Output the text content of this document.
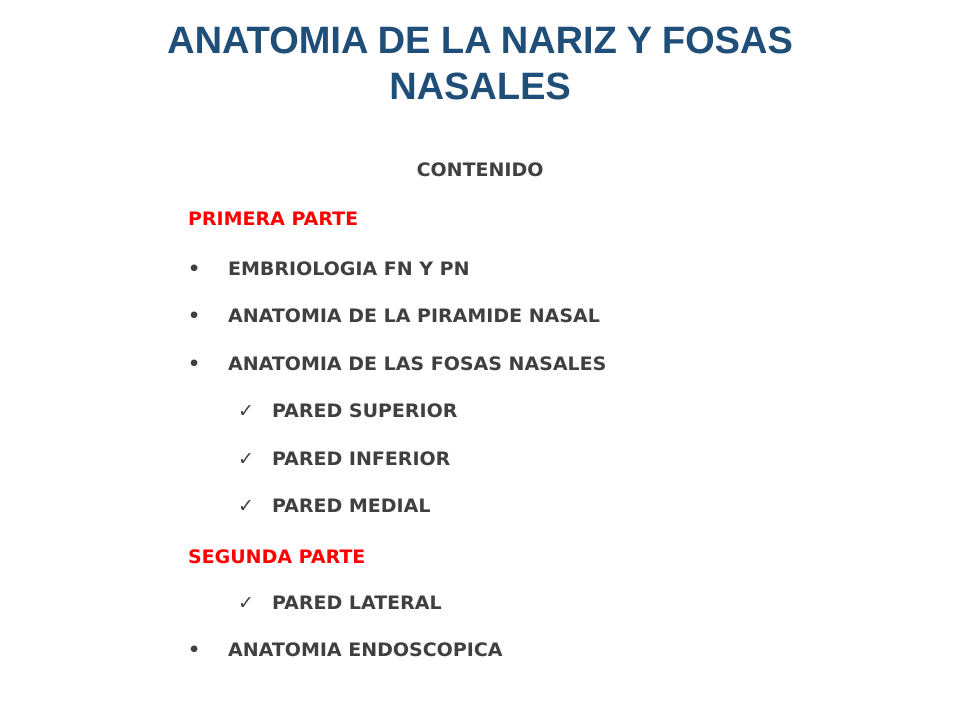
ANATOMIA DE LA NARIZ Y FOSAS
NASALES
CONTENIDO
PRIMERA PARTE
• EMBRIOLOGIA FN Y PN
• ANATOMIA DE LA PIRAMIDE NASAL
• ANATOMIA DE LAS FOSAS NASALES
✓ PARED SUPERIOR
✓ PARED INFERIOR
✓ PARED MEDIAL
SEGUNDA PARTE
✓ PARED LATERAL
• ANATOMIA ENDOSCOPICA
